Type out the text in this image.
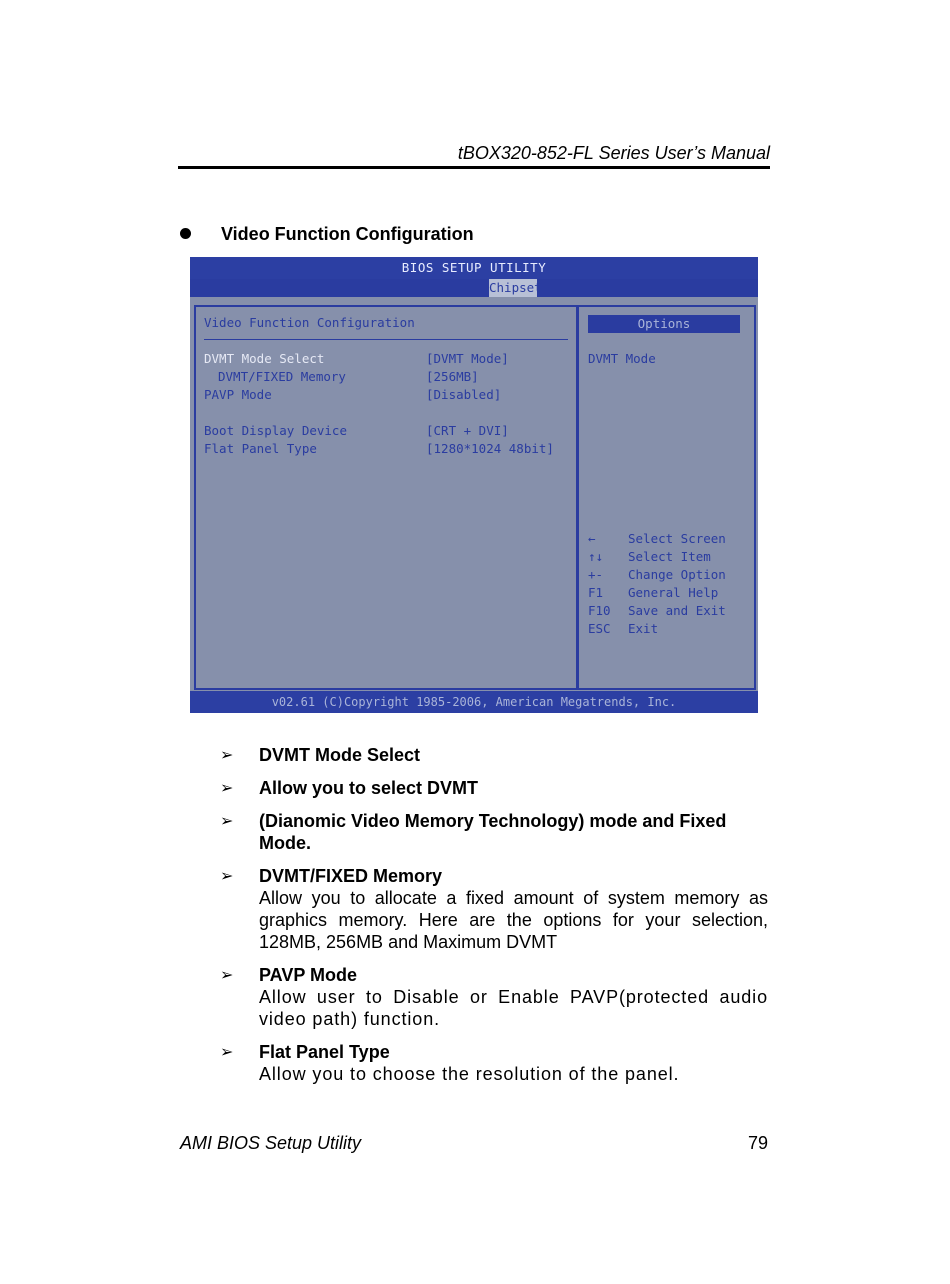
tBOX320-852-FL Series User’s Manual
Video Function Configuration
BIOS SETUP UTILITY
Chipset
Video Function Configuration
DVMT Mode Select	[DVMT Mode]
DVMT/FIXED Memory	[256MB]
PAVP Mode	[Disabled]
Boot Display Device	[CRT + DVI]
Flat Panel Type	[1280*1024 48bit]
Options
DVMT Mode
←	Select Screen
↑↓	Select Item
+-	Change Option
F1	General Help
F10	Save and Exit
ESC	Exit
v02.61 (C)Copyright 1985-2006, American Megatrends, Inc.
➢ DVMT Mode Select
➢ Allow you to select DVMT
➢ (Dianomic Video Memory Technology) mode and Fixed Mode.
➢ DVMT/FIXED Memory
Allow you to allocate a fixed amount of system memory as graphics memory. Here are the options for your selection, 128MB, 256MB and Maximum DVMT
➢ PAVP Mode
Allow user to Disable or Enable PAVP(protected audio video path) function.
➢ Flat Panel Type
Allow you to choose the resolution of the panel.
AMI BIOS Setup Utility	79
